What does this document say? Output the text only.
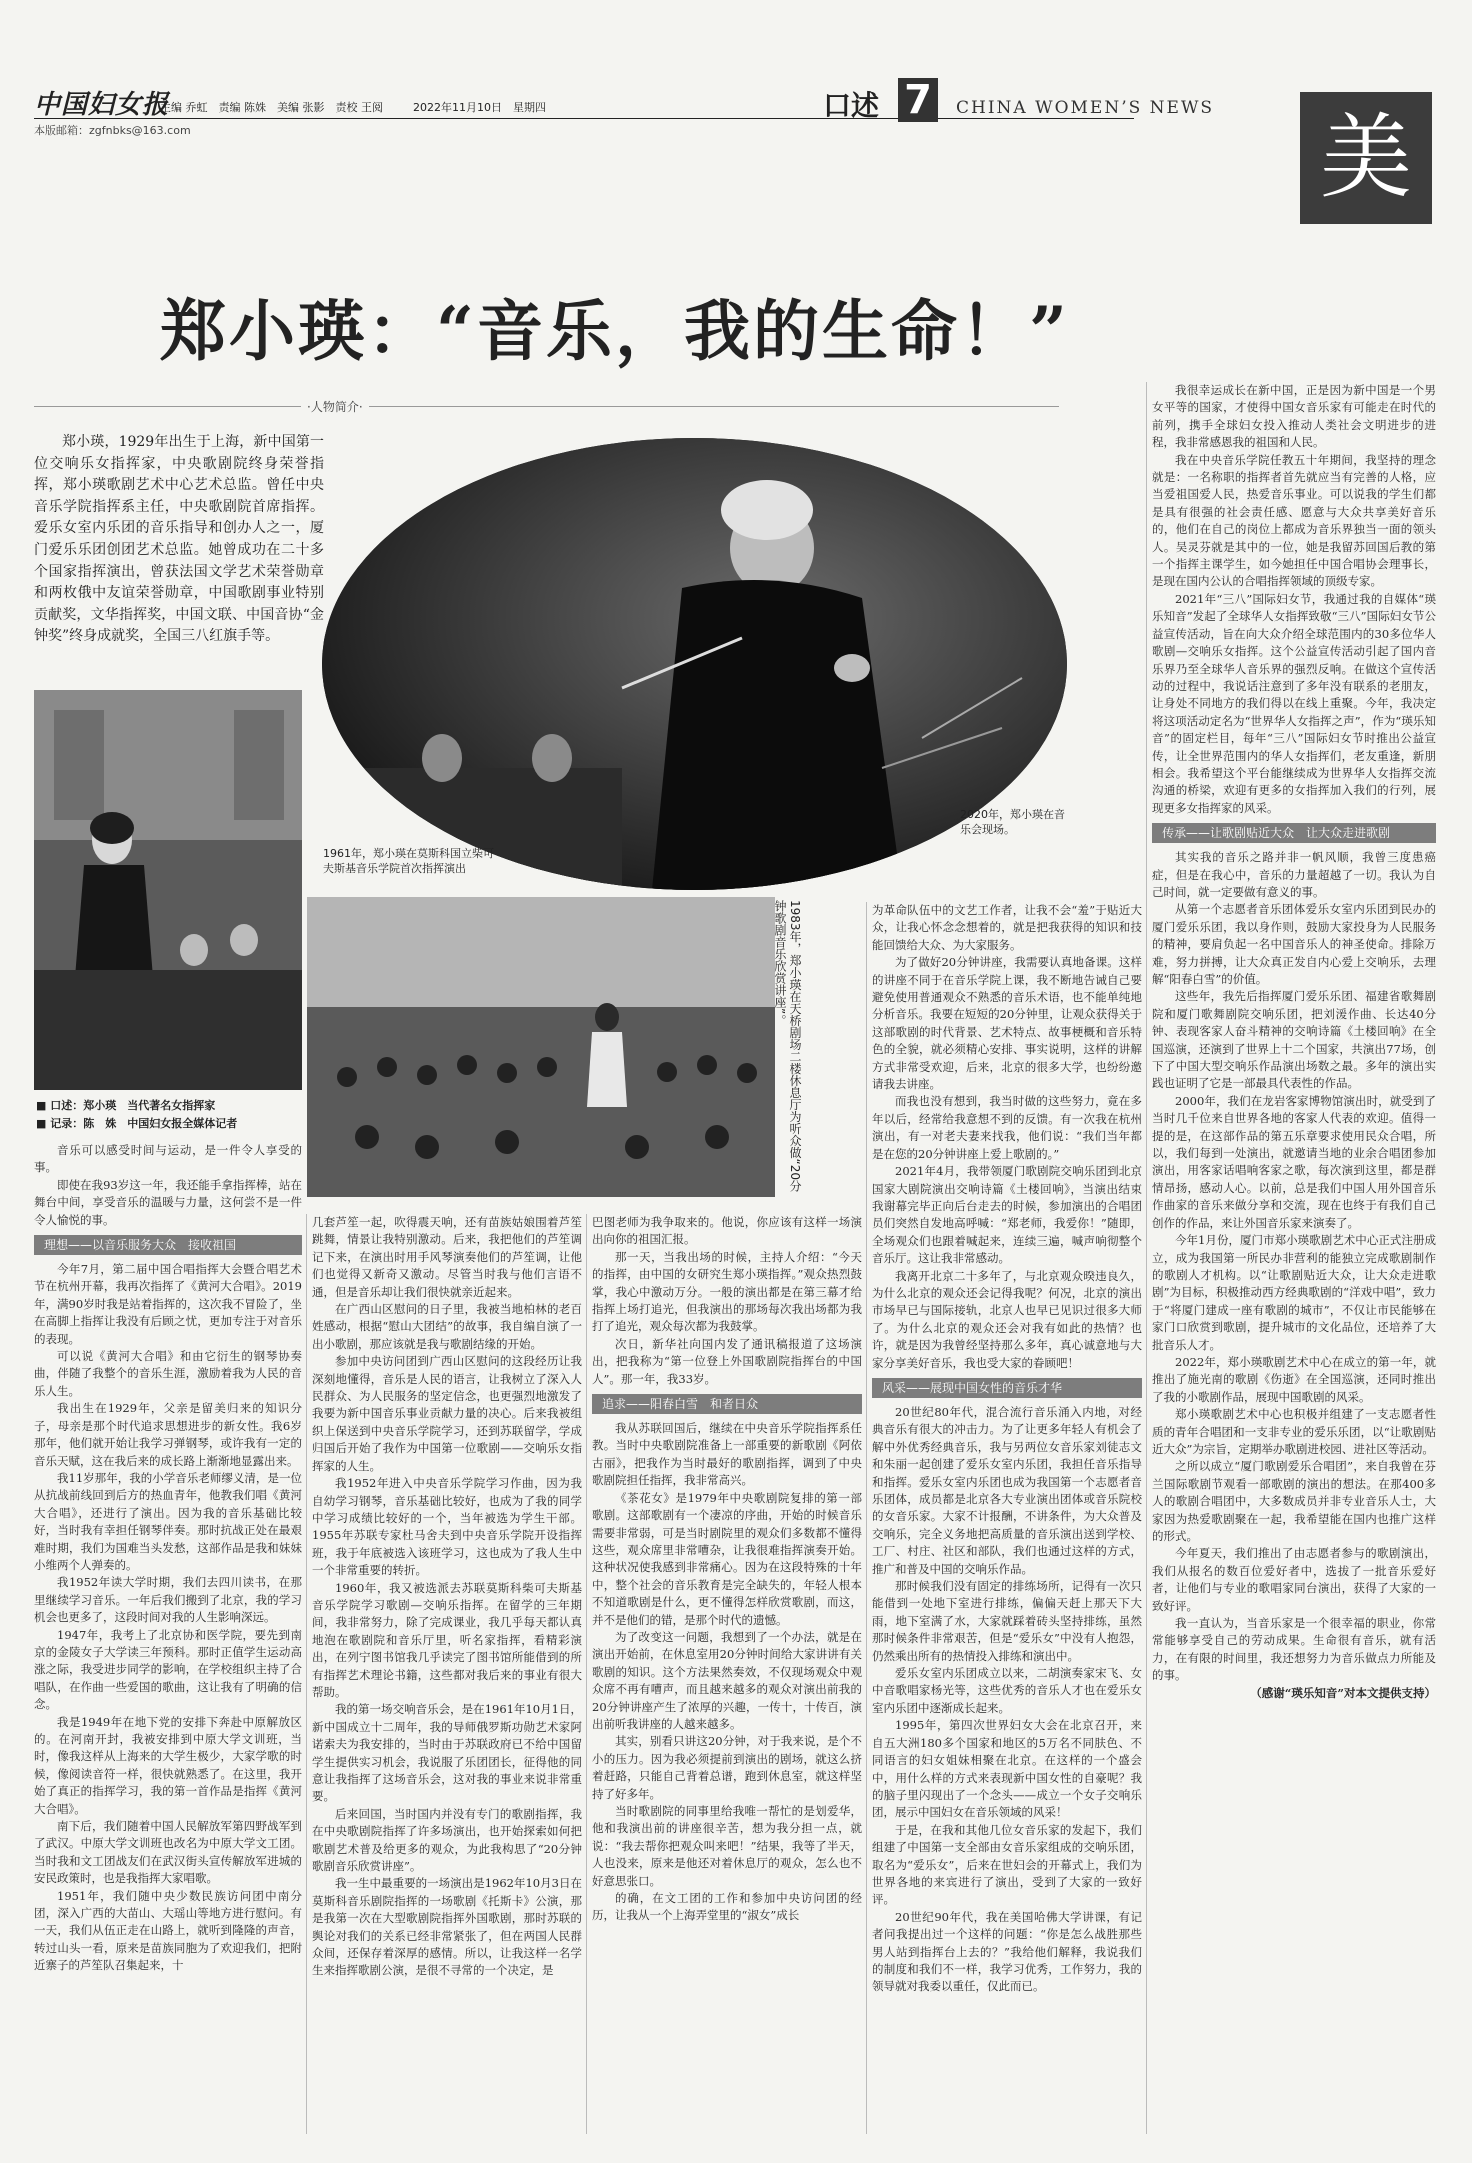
中国妇女报
主编 乔虹　责编 陈姝　美编 张影　责校 王阅	2022年11月10日　星期四
本版邮箱：zgfnbks@163.com
口述 7	CHINA WOMEN’S NEWS 美
郑小瑛：“音乐，我的生命！”
·人物简介·
郑小瑛，1929年出生于上海，新中国第一位交响乐女指挥家，中央歌剧院终身荣誉指挥，郑小瑛歌剧艺术中心艺术总监。曾任中央音乐学院指挥系主任，中央歌剧院首席指挥。爱乐女室内乐团的音乐指导和创办人之一，厦门爱乐乐团创团艺术总监。她曾成功在二十多个国家指挥演出，曾获法国文学艺术荣誉勋章和两枚俄中友谊荣誉勋章，中国歌剧事业特别贡献奖，文华指挥奖，中国文联、中国音协“金钟奖”终身成就奖，全国三八红旗手等。
2020年，郑小瑛在音乐会现场。
1961年，郑小瑛在莫斯科国立柴可夫斯基音乐学院首次指挥演出
1983年，郑小瑛在天桥剧场二楼休息厅为听众做“20分钟歌剧音乐欣赏讲座”。
■ 口述：郑小瑛　当代著名女指挥家
■ 记录：陈　姝　中国妇女报全媒体记者

音乐可以感受时间与运动，是一件令人享受的事。

即使在我93岁这一年，我还能手拿指挥棒，站在舞台中间，享受音乐的温暖与力量，这何尝不是一件令人愉悦的事。

理想——以音乐服务大众　接收祖国

今年7月，第二届中国合唱指挥大会暨合唱艺术节在杭州开幕，我再次指挥了《黄河大合唱》。2019年，满90岁时我是站着指挥的，这次我不冒险了，坐在高脚上指挥让我没有后顾之忧，更加专注于对音乐的表现。

可以说《黄河大合唱》和由它衍生的钢琴协奏曲，伴随了我整个的音乐生涯，激励着我为人民的音乐人生。

我出生在1929年，父亲是留美归来的知识分子，母亲是那个时代追求思想进步的新女性。我6岁那年，他们就开始让我学习弹钢琴，或许我有一定的音乐天赋，这在我后来的成长路上渐渐地显露出来。

我11岁那年，我的小学音乐老师缪义清，是一位从抗战前线回到后方的热血青年，他教我们唱《黄河大合唱》，还进行了演出。因为我的音乐基础比较好，当时我有幸担任钢琴伴奏。那时抗战正处在最艰难时期，我们为国难当头发愁，这部作品是我和妹妹小维两个人弹奏的。

我1952年读大学时期，我们去四川读书，在那里继续学习音乐。一年后我们搬到了北京，我的学习机会也更多了，这段时间对我的人生影响深远。

1947年，我考上了北京协和医学院，要先到南京的金陵女子大学读三年预科。那时正值学生运动高涨之际，我受进步同学的影响，在学校组织主持了合唱队，在作曲一些爱国的歌曲，这让我有了明确的信念。

我是1949年在地下党的安排下奔赴中原解放区的。在河南开封，我被安排到中原大学文训班，当时，像我这样从上海来的大学生极少，大家学歌的时候，像阅读音符一样，很快就熟悉了。在这里，我开始了真正的指挥学习，我的第一首作品是指挥《黄河大合唱》。

南下后，我们随着中国人民解放军第四野战军到了武汉。中原大学文训班也改名为中原大学文工团。当时我和文工团战友们在武汉街头宣传解放军进城的安民政策时，也是我指挥大家唱歌。

1951年，我们随中央少数民族访问团中南分团，深入广西的大苗山、大瑶山等地方进行慰问。有一天，我们从伍正走在山路上，就听到隆隆的声音，转过山头一看，原来是苗族同胞为了欢迎我们，把附近寨子的芦笙队召集起来，十

几套芦笙一起，吹得震天响，还有苗族姑娘围着芦笙跳舞，情景让我特别激动。后来，我把他们的芦笙调记下来，在演出时用手风琴演奏他们的芦笙调，让他们也觉得又新奇又激动。尽管当时我与他们言语不通，但是音乐却让我们很快就亲近起来。

在广西山区慰问的日子里，我被当地柏林的老百姓感动，根据“慰山大团结”的故事，我自编自演了一出小歌剧，那应该就是我与歌剧结缘的开始。

参加中央访问团到广西山区慰问的这段经历让我深刻地懂得，音乐是人民的语言，让我树立了深入人民群众、为人民服务的坚定信念，也更强烈地激发了我要为新中国音乐事业贡献力量的决心。后来我被组织上保送到中央音乐学院学习，还到苏联留学，学成归国后开始了我作为中国第一位歌剧——交响乐女指挥家的人生。

我1952年进入中央音乐学院学习作曲，因为我自幼学习钢琴，音乐基础比较好，也成为了我的同学中学习成绩比较好的一个，当年被选为学生干部。1955年苏联专家杜马舍夫到中央音乐学院开设指挥班，我于年底被选入该班学习，这也成为了我人生中一个非常重要的转折。

1960年，我又被选派去苏联莫斯科柴可夫斯基音乐学院学习歌剧—交响乐指挥。在留学的三年期间，我非常努力，除了完成课业，我几乎每天都认真地泡在歌剧院和音乐厅里，听名家指挥，看精彩演出，在列宁图书馆我几乎读完了图书馆所能借到的所有指挥艺术理论书籍，这些都对我后来的事业有很大帮助。

我的第一场交响音乐会，是在1961年10月1日，新中国成立十二周年，我的导师俄罗斯功勋艺术家阿诺索夫为我安排的，当时由于苏联政府已不给中国留学生提供实习机会，我说服了乐团团长，征得他的同意让我指挥了这场音乐会，这对我的事业来说非常重要。

后来回国，当时国内并没有专门的歌剧指挥，我在中央歌剧院指挥了许多场演出，也开始探索如何把歌剧艺术普及给更多的观众，为此我构思了“20分钟歌剧音乐欣赏讲座”。

我一生中最重要的一场演出是1962年10月3日在莫斯科音乐剧院指挥的一场歌剧《托斯卡》公演，那是我第一次在大型歌剧院指挥外国歌剧，那时苏联的舆论对我们的关系已经非常紧张了，但在两国人民群众间，还保存着深厚的感情。所以，让我这样一名学生来指挥歌剧公演，是很不寻常的一个决定，是

巴图老师为我争取来的。他说，你应该有这样一场演出向你的祖国汇报。

那一天，当我出场的时候，主持人介绍：“今天的指挥，由中国的女研究生郑小瑛指挥。”观众热烈鼓掌，我心中激动万分。一般的演出都是在第三幕才给指挥上场打追光，但我演出的那场每次我出场都为我打了追光，观众每次都为我鼓掌。

次日，新华社向国内发了通讯稿报道了这场演出，把我称为“第一位登上外国歌剧院指挥台的中国人”。那一年，我33岁。

追求——阳春白雪　和者日众

我从苏联回国后，继续在中央音乐学院指挥系任教。当时中央歌剧院准备上一部重要的新歌剧《阿依古丽》，把我作为当时最好的歌剧指挥，调到了中央歌剧院担任指挥，我非常高兴。

《茶花女》是1979年中央歌剧院复排的第一部歌剧。这部歌剧有一个凄凉的序曲，开始的时候音乐需要非常弱，可是当时剧院里的观众们多数都不懂得这些，观众席里非常嘈杂，让我很难指挥演奏开始。这种状况使我感到非常痛心。因为在这段特殊的十年中，整个社会的音乐教育是完全缺失的，年轻人根本不知道歌剧是什么，更不懂得怎样欣赏歌剧，而这，并不是他们的错，是那个时代的遗憾。

为了改变这一问题，我想到了一个办法，就是在演出开始前，在休息室用20分钟时间给大家讲讲有关歌剧的知识。这个方法果然奏效，不仅现场观众中观众席不再有嘈声，而且越来越多的观众对演出前我的20分钟讲座产生了浓厚的兴趣，一传十，十传百，演出前听我讲座的人越来越多。

其实，别看只讲这20分钟，对于我来说，是个不小的压力。因为我必须提前到演出的剧场，就这么挤着赶路，只能自己背着总谱，跑到休息室，就这样坚持了好多年。

当时歌剧院的同事里给我唯一帮忙的是划爱华，他和我演出前的讲座很辛苦，想为我分担一点，就说：“我去帮你把观众叫来吧！”结果，我等了半天，人也没来，原来是他还对着休息厅的观众，怎么也不好意思张口。

的确，在文工团的工作和参加中央访问团的经历，让我从一个上海弄堂里的“淑女”成长

为革命队伍中的文艺工作者，让我不会“羞”于贴近大众，让我心怀念念想着的，就是把我获得的知识和技能回馈给大众、为大家服务。

为了做好20分钟讲座，我需要认真地备课。这样的讲座不同于在音乐学院上课，我不断地告诫自己要避免使用普通观众不熟悉的音乐术语，也不能单纯地分析音乐。我要在短短的20分钟里，让观众获得关于这部歌剧的时代背景、艺术特点、故事梗概和音乐特色的全貌，就必须精心安排、事实说明，这样的讲解方式非常受欢迎，后来，北京的很多大学，也纷纷邀请我去讲座。

而我也没有想到，我当时做的这些努力，竟在多年以后，经常给我意想不到的反馈。有一次我在杭州演出，有一对老夫妻来找我，他们说：“我们当年都是在您的20分钟讲座上爱上歌剧的。”

2021年4月，我带领厦门歌剧院交响乐团到北京国家大剧院演出交响诗篇《土楼回响》，当演出结束我谢幕完毕正向后台走去的时候，参加演出的合唱团员们突然自发地高呼喊：“郑老师，我爱你！”随即，全场观众们也跟着喊起来，连续三遍，喊声响彻整个音乐厅。这让我非常感动。

我离开北京二十多年了，与北京观众暌违良久，为什么北京的观众还会记得我呢？何况，北京的演出市场早已与国际接轨，北京人也早已见识过很多大师了。为什么北京的观众还会对我有如此的热情？也许，就是因为我曾经坚持那么多年，真心诚意地与大家分享美好音乐，我也受大家的眷顾吧！

风采——展现中国女性的音乐才华

20世纪80年代，混合流行音乐涌入内地，对经典音乐有很大的冲击力。为了让更多年轻人有机会了解中外优秀经典音乐，我与另两位女音乐家刘徒志文和朱丽一起创建了爱乐女室内乐团，我担任音乐指导和指挥。爱乐女室内乐团也成为我国第一个志愿者音乐团体，成员都是北京各大专业演出团体或音乐院校的女音乐家。大家不计报酬，不讲条件，为大众普及交响乐，完全义务地把高质量的音乐演出送到学校、工厂、村庄、社区和部队，我们也通过这样的方式，推广和普及中国的交响乐作品。

那时候我们没有固定的排练场所，记得有一次只能借到一处地下室进行排练，偏偏天赶上那天下大雨，地下室满了水，大家就踩着砖头坚持排练，虽然那时候条件非常艰苦，但是“爱乐女”中没有人抱怨，仍然乘出所有的热情投入排练和演出中。

爱乐女室内乐团成立以来，二胡演奏家宋飞、女中音歌唱家杨光等，这些优秀的音乐人才也在爱乐女室内乐团中逐渐成长起来。

1995年，第四次世界妇女大会在北京召开，来自五大洲180多个国家和地区的5万名不同肤色、不同语言的妇女姐妹相聚在北京。在这样的一个盛会中，用什么样的方式来表现新中国女性的自豪呢？我的脑子里闪现出了一个念头——成立一个女子交响乐团，展示中国妇女在音乐领域的风采！

于是，在我和其他几位女音乐家的发起下，我们组建了中国第一支全部由女音乐家组成的交响乐团，取名为“爱乐女”，后来在世妇会的开幕式上，我们为世界各地的来宾进行了演出，受到了大家的一致好评。

20世纪90年代，我在美国哈佛大学讲课，有记者问我提出过一个这样的问题：“你是怎么战胜那些男人站到指挥台上去的？”我给他们解释，我说我们的制度和我们不一样，我学习优秀，工作努力，我的领导就对我委以重任，仅此而已。

我很幸运成长在新中国，正是因为新中国是一个男女平等的国家，才使得中国女音乐家有可能走在时代的前列，携手全球妇女投入推动人类社会文明进步的进程，我非常感恩我的祖国和人民。

我在中央音乐学院任教五十年期间，我坚持的理念就是：一名称职的指挥者首先就应当有完善的人格，应当爱祖国爱人民，热爱音乐事业。可以说我的学生们都是具有很强的社会责任感、愿意与大众共享美好音乐的，他们在自己的岗位上都成为音乐界独当一面的领头人。吴灵芬就是其中的一位，她是我留苏回国后教的第一个指挥主课学生，如今她担任中国合唱协会理事长，是现在国内公认的合唱指挥领域的顶级专家。

2021年“三八”国际妇女节，我通过我的自媒体“瑛乐知音”发起了全球华人女指挥致敬“三八”国际妇女节公益宣传活动，旨在向大众介绍全球范围内的30多位华人歌剧—交响乐女指挥。这个公益宣传活动引起了国内音乐界乃至全球华人音乐界的强烈反响。在做这个宣传活动的过程中，我说话注意到了多年没有联系的老朋友，让身处不同地方的我们得以在线上重聚。今年，我决定将这项活动定名为“世界华人女指挥之声”，作为“瑛乐知音”的固定栏目，每年“三八”国际妇女节时推出公益宣传，让全世界范围内的华人女指挥们，老友重逢，新朋相会。我希望这个平台能继续成为世界华人女指挥交流沟通的桥梁，欢迎有更多的女指挥加入我们的行列，展现更多女指挥家的风采。

传承——让歌剧贴近大众　让大众走进歌剧

其实我的音乐之路并非一帆风顺，我曾三度患癌症，但是在我心中，音乐的力量超越了一切。我认为自己时间，就一定要做有意义的事。

从第一个志愿者音乐团体爱乐女室内乐团到民办的厦门爱乐乐团，我以身作则，鼓励大家投身为人民服务的精神，要肩负起一名中国音乐人的神圣使命。排除万难，努力拼搏，让大众真正发自内心爱上交响乐，去理解“阳春白雪”的价值。

这些年，我先后指挥厦门爱乐乐团、福建省歌舞剧院和厦门歌舞剧院交响乐团，把刘湲作曲、长达40分钟、表现客家人奋斗精神的交响诗篇《土楼回响》在全国巡演，还演到了世界上十二个国家，共演出77场，创下了中国大型交响乐作品演出场数之最。多年的演出实践也证明了它是一部最具代表性的作品。

2000年，我们在龙岩客家博物馆演出时，就受到了当时几千位来自世界各地的客家人代表的欢迎。值得一提的是，在这部作品的第五乐章要求使用民众合唱，所以，我们每到一处演出，就邀请当地的业余合唱团参加演出，用客家话唱响客家之歌，每次演到这里，都是群情昂扬，感动人心。以前，总是我们中国人用外国音乐作曲家的音乐来做分享和交流，现在也终于有我们自己创作的作品，来让外国音乐家来演奏了。

今年1月份，厦门市郑小瑛歌剧艺术中心正式注册成立，成为我国第一所民办非营利的能独立完成歌剧制作的歌剧人才机构。以“让歌剧贴近大众，让大众走进歌剧”为目标，积极推动西方经典歌剧的“洋戏中唱”，致力于“将厦门建成一座有歌剧的城市”，不仅让市民能够在家门口欣赏到歌剧，提升城市的文化品位，还培养了大批音乐人才。

2022年，郑小瑛歌剧艺术中心在成立的第一年，就推出了施光南的歌剧《伤逝》在全国巡演，还同时推出了我的小歌剧作品，展现中国歌剧的风采。

郑小瑛歌剧艺术中心也积极并组建了一支志愿者性质的青年合唱团和一支非专业的爱乐乐团，以“让歌剧贴近大众”为宗旨，定期举办歌剧进校园、进社区等活动。

之所以成立“厦门歌剧爱乐合唱团”，来自我曾在芬兰国际歌剧节观看一部歌剧的演出的想法。在那400多人的歌剧合唱团中，大多数成员并非专业音乐人士，大家因为热爱歌剧聚在一起，我希望能在国内也推广这样的形式。

今年夏天，我们推出了由志愿者参与的歌剧演出，我们从报名的数百位爱好者中，选拔了一批音乐爱好者，让他们与专业的歌唱家同台演出，获得了大家的一致好评。

我一直认为，当音乐家是一个很幸福的职业，你常常能够享受自己的劳动成果。生命很有音乐，就有活力，在有限的时间里，我还想努力为音乐做点力所能及的事。

（感谢“瑛乐知音”对本文提供支持）
